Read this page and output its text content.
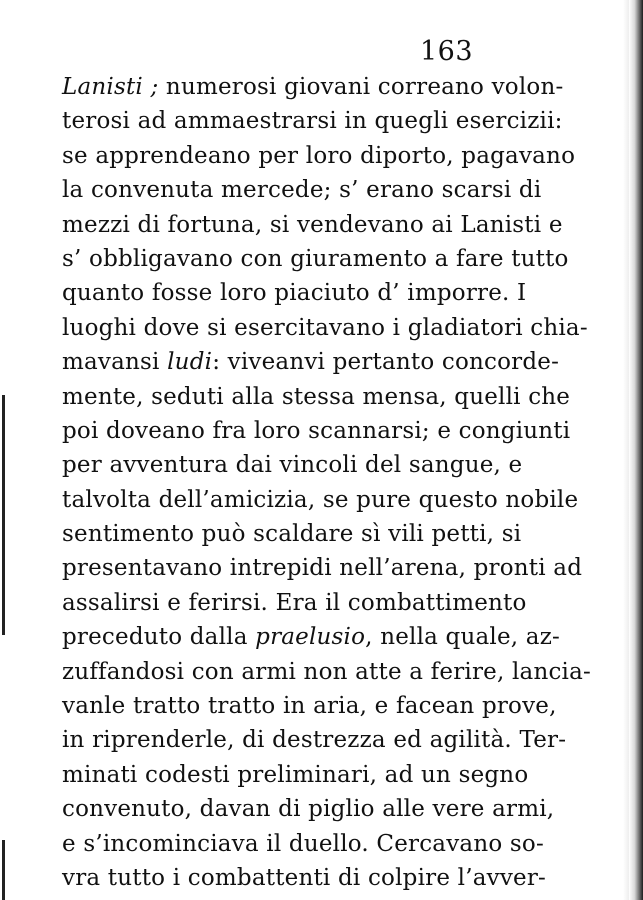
163
Lanisti ; numerosi giovani correano volon-
terosi ad ammaestrarsi in quegli esercizii:
se apprendeano per loro diporto, pagavano
la convenuta mercede; s’ erano scarsi di
mezzi di fortuna, si vendevano ai Lanisti e
s’ obbligavano con giuramento a fare tutto
quanto fosse loro piaciuto d’ imporre. I
luoghi dove si esercitavano i gladiatori chia-
mavansi ludi: viveanvi pertanto concorde-
mente, seduti alla stessa mensa, quelli che
poi doveano fra loro scannarsi; e congiunti
per avventura dai vincoli del sangue, e
talvolta dell’amicizia, se pure questo nobile
sentimento può scaldare sì vili petti, si
presentavano intrepidi nell’arena, pronti ad
assalirsi e ferirsi. Era il combattimento
preceduto dalla praelusio, nella quale, az-
zuffandosi con armi non atte a ferire, lancia-
vanle tratto tratto in aria, e facean prove,
in riprenderle, di destrezza ed agilità. Ter-
minati codesti preliminari, ad un segno
convenuto, davan di piglio alle vere armi,
e s’incominciava il duello. Cercavano so-
vra tutto i combattenti di colpire l’avver-
